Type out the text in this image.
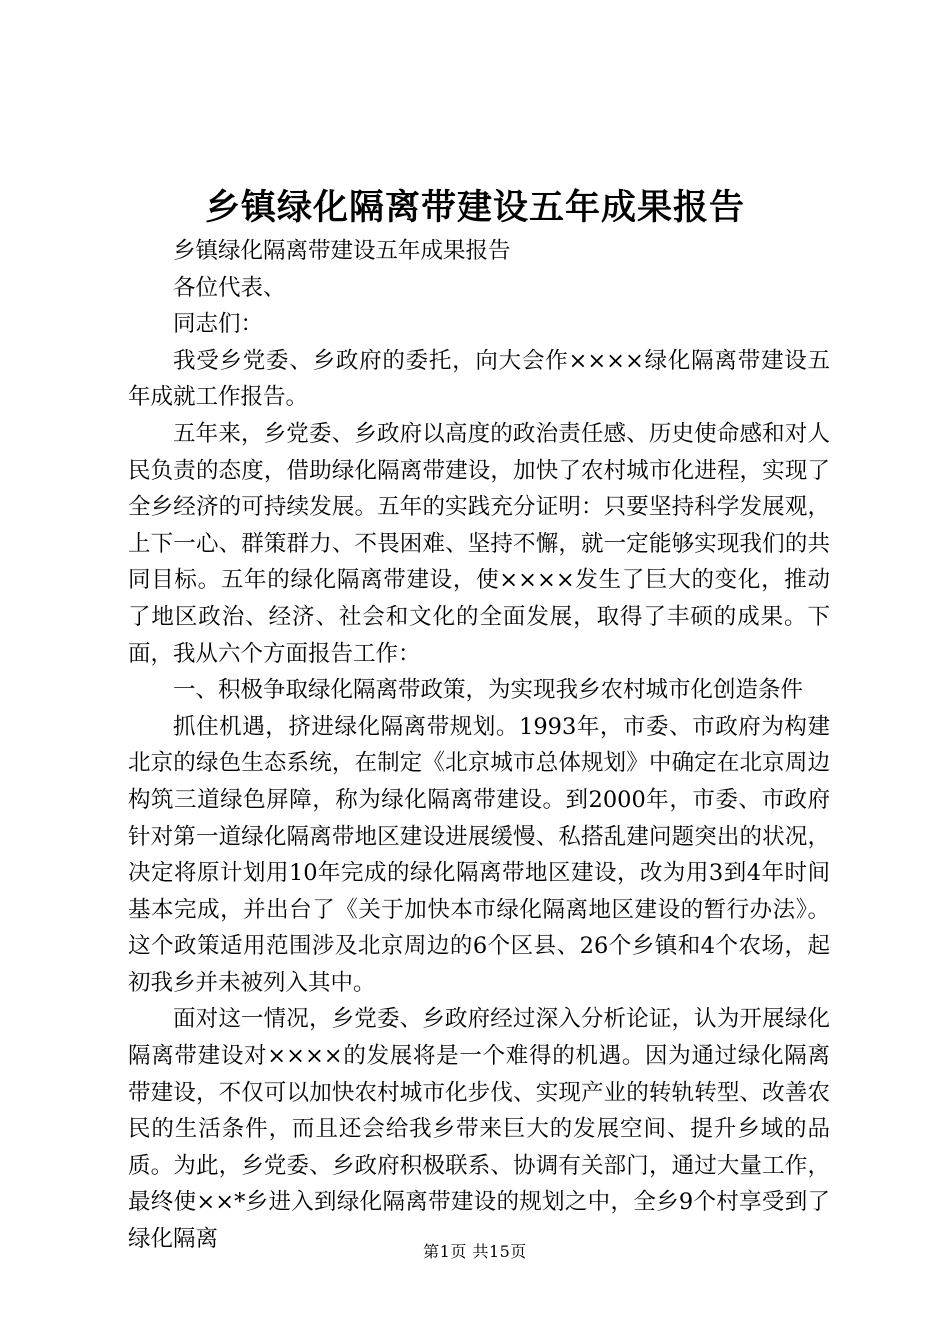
乡镇绿化隔离带建设五年成果报告

乡镇绿化隔离带建设五年成果报告

各位代表、

同志们：

我受乡党委、乡政府的委托，向大会作××××绿化隔离带建设五年成就工作报告。

五年来，乡党委、乡政府以高度的政治责任感、历史使命感和对人民负责的态度，借助绿化隔离带建设，加快了农村城市化进程，实现了全乡经济的可持续发展。五年的实践充分证明：只要坚持科学发展观，上下一心、群策群力、不畏困难、坚持不懈，就一定能够实现我们的共同目标。五年的绿化隔离带建设，使××××发生了巨大的变化，推动了地区政治、经济、社会和文化的全面发展，取得了丰硕的成果。下面，我从六个方面报告工作：

一、积极争取绿化隔离带政策，为实现我乡农村城市化创造条件

抓住机遇，挤进绿化隔离带规划。1993年，市委、市政府为构建北京的绿色生态系统，在制定《北京城市总体规划》中确定在北京周边构筑三道绿色屏障，称为绿化隔离带建设。到2000年，市委、市政府针对第一道绿化隔离带地区建设进展缓慢、私搭乱建问题突出的状况，决定将原计划用10年完成的绿化隔离带地区建设，改为用3到4年时间基本完成，并出台了《关于加快本市绿化隔离地区建设的暂行办法》。这个政策适用范围涉及北京周边的6个区县、26个乡镇和4个农场，起初我乡并未被列入其中。

面对这一情况，乡党委、乡政府经过深入分析论证，认为开展绿化隔离带建设对××××的发展将是一个难得的机遇。因为通过绿化隔离带建设，不仅可以加快农村城市化步伐、实现产业的转轨转型、改善农民的生活条件，而且还会给我乡带来巨大的发展空间、提升乡域的品质。为此，乡党委、乡政府积极联系、协调有关部门，通过大量工作，最终使××*乡进入到绿化隔离带建设的规划之中，全乡9个村享受到了绿化隔离	第1页 共15页
